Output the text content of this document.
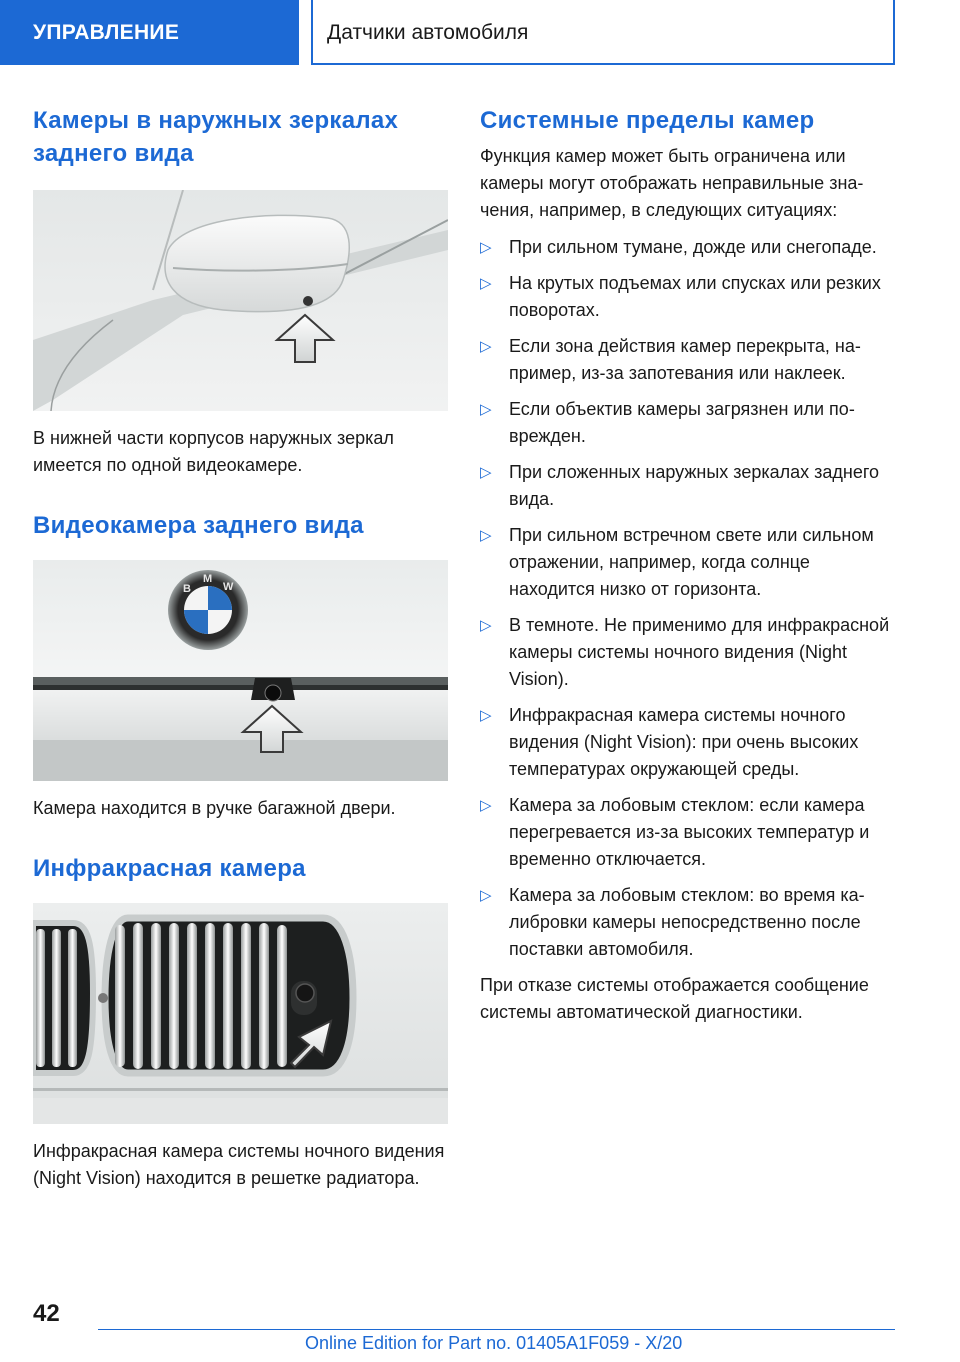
УПРАВЛЕНИЕ	Датчики автомобиля
Камеры в наружных зеркалах заднего вида

В нижней части корпусов наружных зеркал имеется по одной видеокамере.

Видеокамера заднего вида
B
M
W

Камера находится в ручке багажной двери.

Инфракрасная камера

Инфракрасная камера системы ночного видения (Night Vision) находится в решетке радиатора.

Системные пределы камер

Функция камер может быть ограничена или камеры могут отображать неправильные значения, например, в следующих ситуациях:

▷ При сильном тумане, дожде или снегопаде.
▷ На крутых подъемах или спусках или резких поворотах.
▷ Если зона действия камер перекрыта, например, из-за запотевания или наклеек.
▷ Если объектив камеры загрязнен или поврежден.
▷ При сложенных наружных зеркалах заднего вида.
▷ При сильном встречном свете или сильном отражении, например, когда солнце находится низко от горизонта.
▷ В темноте. Не применимо для инфракрасной камеры системы ночного видения (Night Vision).
▷ Инфракрасная камера системы ночного видения (Night Vision): при очень высоких температурах окружающей среды.
▷ Камера за лобовым стеклом: если камера перегревается из-за высоких температур и временно отключается.
▷ Камера за лобовым стеклом: во время калибровки камеры непосредственно после поставки автомобиля.

При отказе системы отображается сообщение системы автоматической диагностики.

42
Online Edition for Part no. 01405A1F059 - X/20
